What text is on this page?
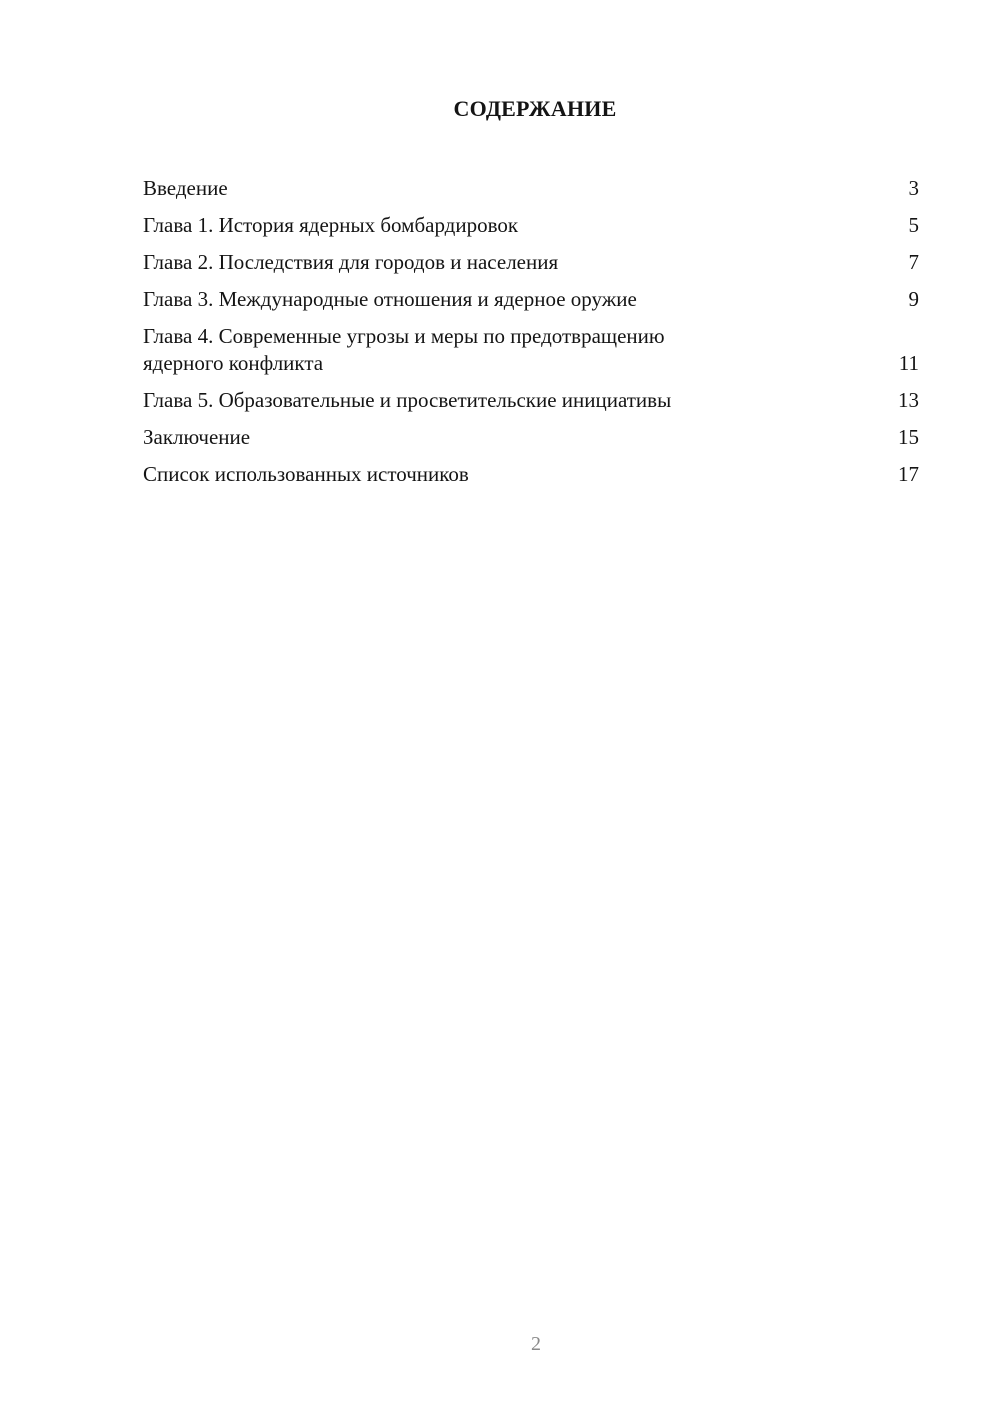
СОДЕРЖАНИЕ
Введение	3
Глава 1. История ядерных бомбардировок	5
Глава 2. Последствия для городов и населения	7
Глава 3. Международные отношения и ядерное оружие	9
Глава 4. Современные угрозы и меры по предотвращению
ядерного конфликта	11
Глава 5. Образовательные и просветительские инициативы	13
Заключение	15
Список использованных источников	17
2
